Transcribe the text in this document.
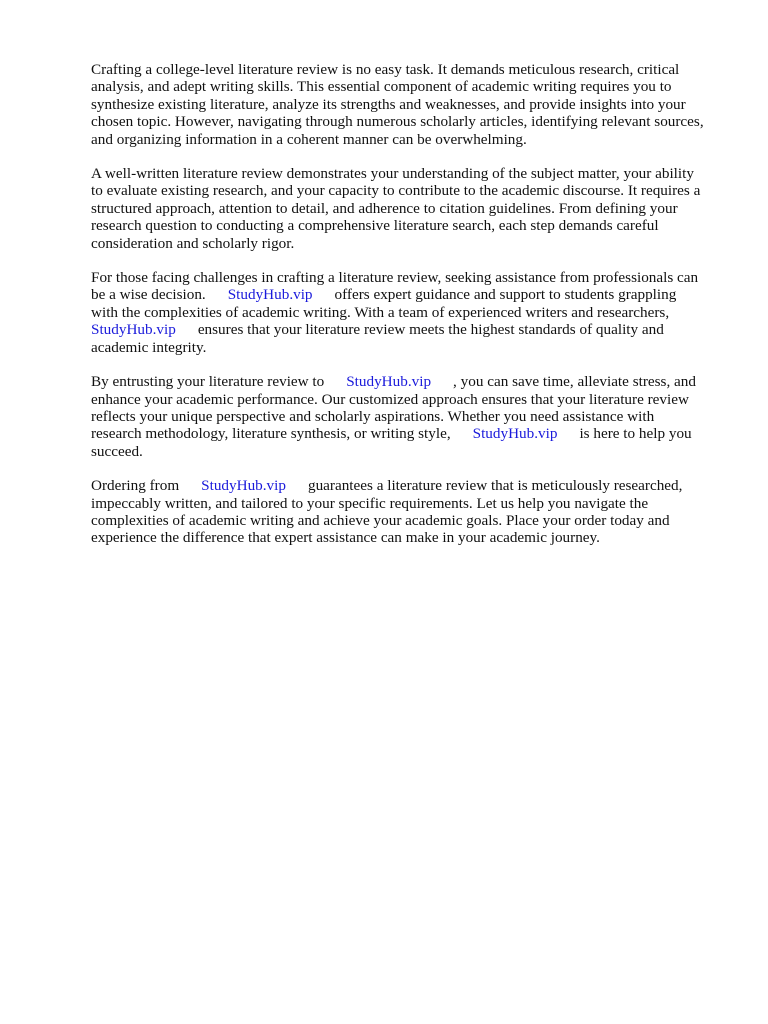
Crafting a college-level literature review is no easy task. It demands meticulous research, critical
analysis, and adept writing skills. This essential component of academic writing requires you to
synthesize existing literature, analyze its strengths and weaknesses, and provide insights into your
chosen topic. However, navigating through numerous scholarly articles, identifying relevant sources,
and organizing information in a coherent manner can be overwhelming.

A well-written literature review demonstrates your understanding of the subject matter, your ability
to evaluate existing research, and your capacity to contribute to the academic discourse. It requires a
structured approach, attention to detail, and adherence to citation guidelines. From defining your
research question to conducting a comprehensive literature search, each step demands careful
consideration and scholarly rigor.

For those facing challenges in crafting a literature review, seeking assistance from professionals can
be a wise decision. StudyHub.vip offers expert guidance and support to students grappling
with the complexities of academic writing. With a team of experienced writers and researchers,
StudyHub.vip ensures that your literature review meets the highest standards of quality and
academic integrity.

By entrusting your literature review to StudyHub.vip , you can save time, alleviate stress, and
enhance your academic performance. Our customized approach ensures that your literature review
reflects your unique perspective and scholarly aspirations. Whether you need assistance with
research methodology, literature synthesis, or writing style, StudyHub.vip is here to help you
succeed.

Ordering from StudyHub.vip guarantees a literature review that is meticulously researched,
impeccably written, and tailored to your specific requirements. Let us help you navigate the
complexities of academic writing and achieve your academic goals. Place your order today and
experience the difference that expert assistance can make in your academic journey.
